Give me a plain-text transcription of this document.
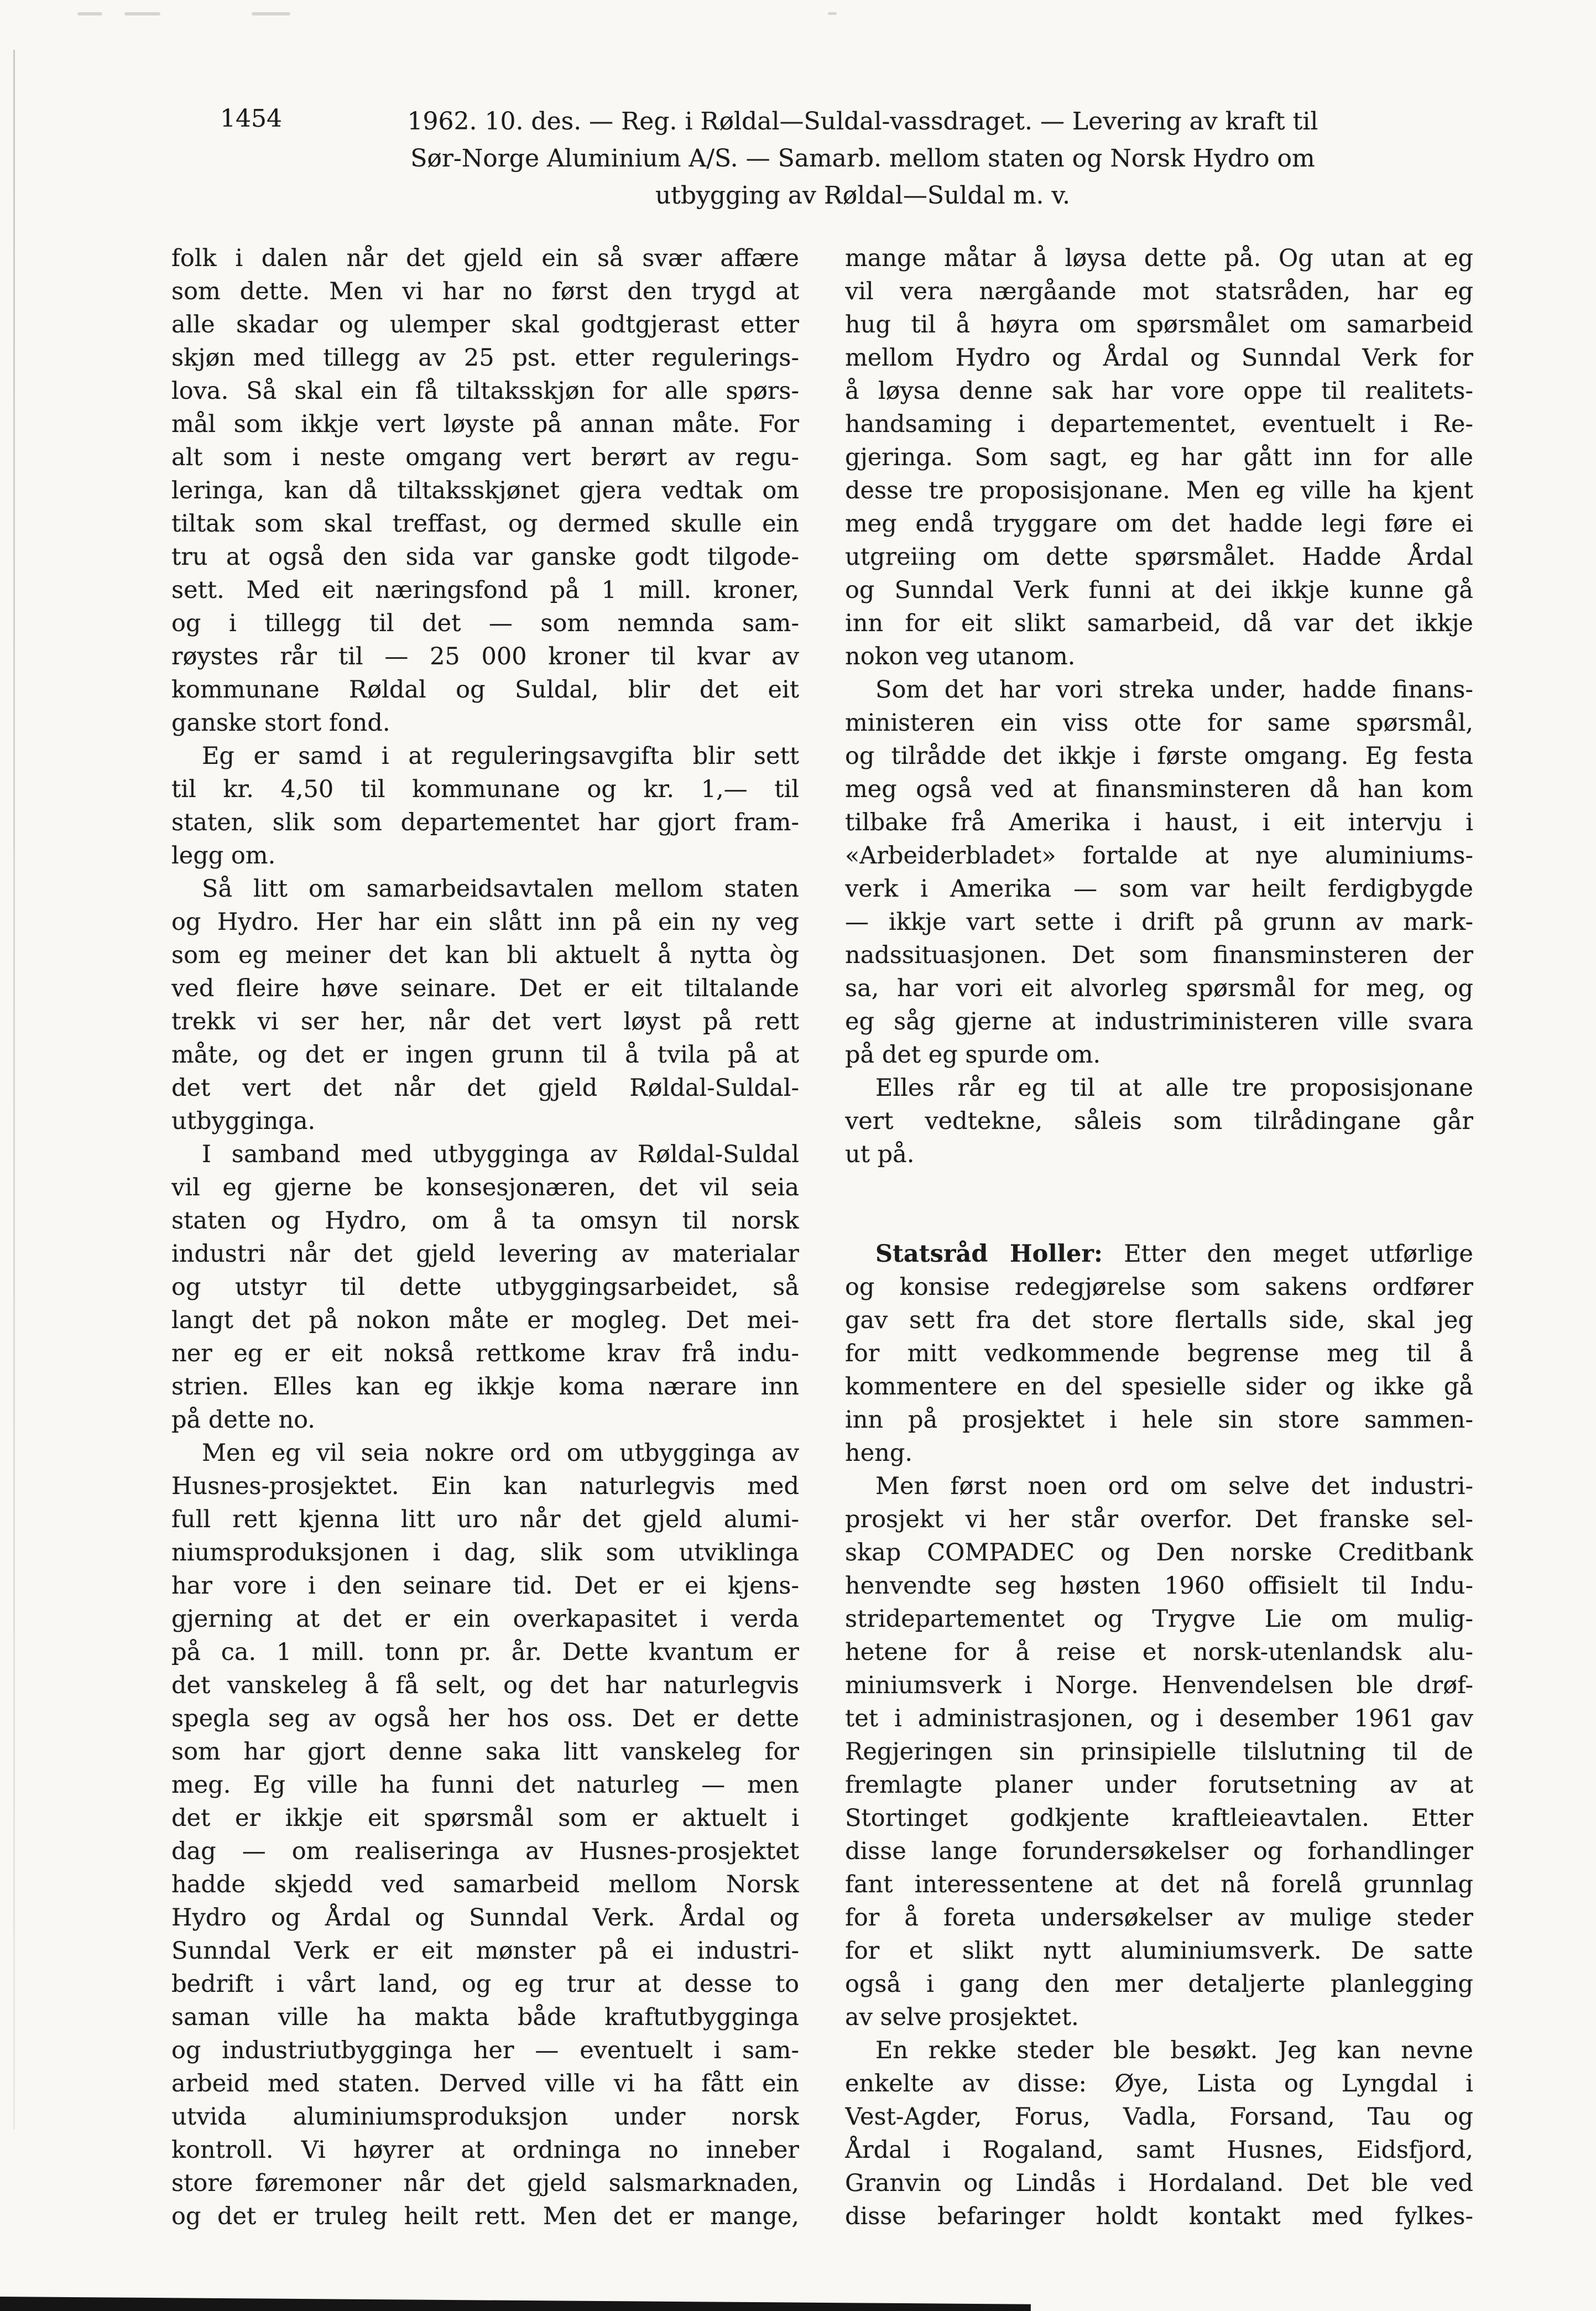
1454	1962. 10. des. — Reg. i Røldal—Suldal-vassdraget. — Levering av kraft til
Sør-Norge Aluminium A/S. — Samarb. mellom staten og Norsk Hydro om
utbygging av Røldal—Suldal m. v.
folk i dalen når det gjeld ein så svær affære
som dette. Men vi har no først den trygd at
alle skadar og ulemper skal godtgjerast etter
skjøn med tillegg av 25 pst. etter regulerings-
lova. Så skal ein få tiltaksskjøn for alle spørs-
mål som ikkje vert løyste på annan måte. For
alt som i neste omgang vert berørt av regu-
leringa, kan då tiltaksskjønet gjera vedtak om
tiltak som skal treffast, og dermed skulle ein
tru at også den sida var ganske godt tilgode-
sett. Med eit næringsfond på 1 mill. kroner,
og i tillegg til det — som nemnda sam-
røystes rår til — 25 000 kroner til kvar av
kommunane Røldal og Suldal, blir det eit
ganske stort fond.
Eg er samd i at reguleringsavgifta blir sett
til kr. 4,50 til kommunane og kr. 1,— til
staten, slik som departementet har gjort fram-
legg om.
Så litt om samarbeidsavtalen mellom staten
og Hydro. Her har ein slått inn på ein ny veg
som eg meiner det kan bli aktuelt å nytta òg
ved fleire høve seinare. Det er eit tiltalande
trekk vi ser her, når det vert løyst på rett
måte, og det er ingen grunn til å tvila på at
det vert det når det gjeld Røldal-Suldal-
utbygginga.
I samband med utbygginga av Røldal-Suldal
vil eg gjerne be konsesjonæren, det vil seia
staten og Hydro, om å ta omsyn til norsk
industri når det gjeld levering av materialar
og utstyr til dette utbyggingsarbeidet, så
langt det på nokon måte er mogleg. Det mei-
ner eg er eit nokså rettkome krav frå indu-
strien. Elles kan eg ikkje koma nærare inn
på dette no.
Men eg vil seia nokre ord om utbygginga av
Husnes-prosjektet. Ein kan naturlegvis med
full rett kjenna litt uro når det gjeld alumi-
niumsproduksjonen i dag, slik som utviklinga
har vore i den seinare tid. Det er ei kjens-
gjerning at det er ein overkapasitet i verda
på ca. 1 mill. tonn pr. år. Dette kvantum er
det vanskeleg å få selt, og det har naturlegvis
spegla seg av også her hos oss. Det er dette
som har gjort denne saka litt vanskeleg for
meg. Eg ville ha funni det naturleg — men
det er ikkje eit spørsmål som er aktuelt i
dag — om realiseringa av Husnes-prosjektet
hadde skjedd ved samarbeid mellom Norsk
Hydro og Årdal og Sunndal Verk. Årdal og
Sunndal Verk er eit mønster på ei industri-
bedrift i vårt land, og eg trur at desse to
saman ville ha makta både kraftutbygginga
og industriutbygginga her — eventuelt i sam-
arbeid med staten. Derved ville vi ha fått ein
utvida aluminiumsproduksjon under norsk
kontroll. Vi høyrer at ordninga no inneber
store føremoner når det gjeld salsmarknaden,
og det er truleg heilt rett. Men det er mange,
mange måtar å løysa dette på. Og utan at eg
vil vera nærgåande mot statsråden, har eg
hug til å høyra om spørsmålet om samarbeid
mellom Hydro og Årdal og Sunndal Verk for
å løysa denne sak har vore oppe til realitets-
handsaming i departementet, eventuelt i Re-
gjeringa. Som sagt, eg har gått inn for alle
desse tre proposisjonane. Men eg ville ha kjent
meg endå tryggare om det hadde legi føre ei
utgreiing om dette spørsmålet. Hadde Årdal
og Sunndal Verk funni at dei ikkje kunne gå
inn for eit slikt samarbeid, då var det ikkje
nokon veg utanom.
Som det har vori streka under, hadde finans-
ministeren ein viss otte for same spørsmål,
og tilrådde det ikkje i første omgang. Eg festa
meg også ved at finansminsteren då han kom
tilbake frå Amerika i haust, i eit intervju i
«Arbeiderbladet» fortalde at nye aluminiums-
verk i Amerika — som var heilt ferdigbygde
— ikkje vart sette i drift på grunn av mark-
nadssituasjonen. Det som finansminsteren der
sa, har vori eit alvorleg spørsmål for meg, og
eg såg gjerne at industriministeren ville svara
på det eg spurde om.
Elles rår eg til at alle tre proposisjonane
vert vedtekne, såleis som tilrådingane går
ut på.
Statsråd Holler: Etter den meget utførlige
og konsise redegjørelse som sakens ordfører
gav sett fra det store flertalls side, skal jeg
for mitt vedkommende begrense meg til å
kommentere en del spesielle sider og ikke gå
inn på prosjektet i hele sin store sammen-
heng.
Men først noen ord om selve det industri-
prosjekt vi her står overfor. Det franske sel-
skap COMPADEC og Den norske Creditbank
henvendte seg høsten 1960 offisielt til Indu-
stridepartementet og Trygve Lie om mulig-
hetene for å reise et norsk-utenlandsk alu-
miniumsverk i Norge. Henvendelsen ble drøf-
tet i administrasjonen, og i desember 1961 gav
Regjeringen sin prinsipielle tilslutning til de
fremlagte planer under forutsetning av at
Stortinget godkjente kraftleieavtalen. Etter
disse lange forundersøkelser og forhandlinger
fant interessentene at det nå forelå grunnlag
for å foreta undersøkelser av mulige steder
for et slikt nytt aluminiumsverk. De satte
også i gang den mer detaljerte planlegging
av selve prosjektet.
En rekke steder ble besøkt. Jeg kan nevne
enkelte av disse: Øye, Lista og Lyngdal i
Vest-Agder, Forus, Vadla, Forsand, Tau og
Årdal i Rogaland, samt Husnes, Eidsfjord,
Granvin og Lindås i Hordaland. Det ble ved
disse befaringer holdt kontakt med fylkes-
